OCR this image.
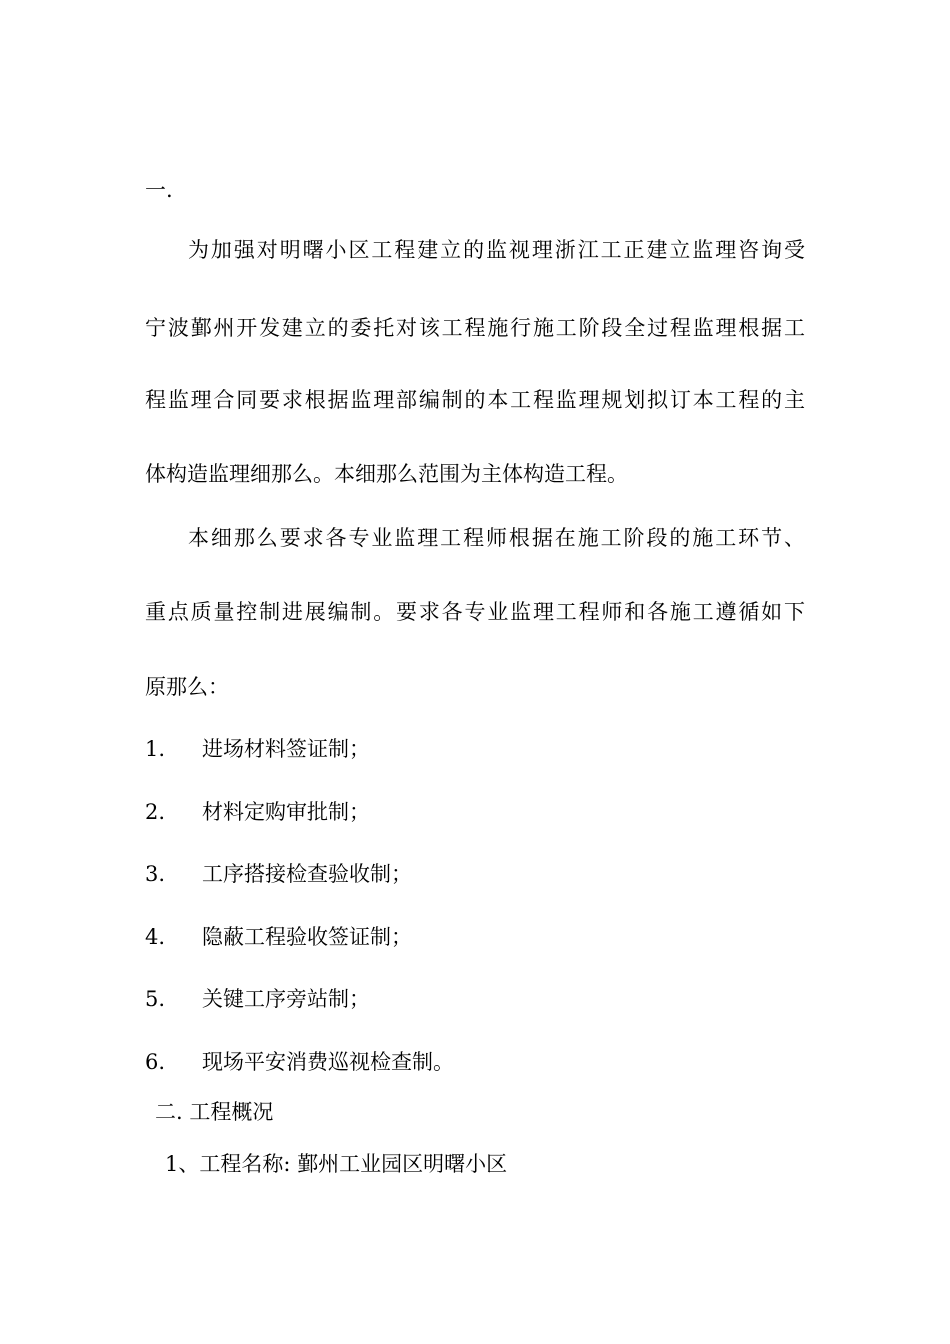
一.
为加强对明曙小区工程建立的监视理浙江工正建立监理咨询受
宁波鄞州开发建立的委托对该工程施行施工阶段全过程监理根据工
程监理合同要求根据监理部编制的本工程监理规划拟订本工程的主
体构造监理细那么。本细那么范围为主体构造工程。
本细那么要求各专业监理工程师根据在施工阶段的施工环节、
重点质量控制进展编制。要求各专业监理工程师和各施工遵循如下
原那么：
1. 进场材料签证制；
2. 材料定购审批制；
3. 工序搭接检查验收制；
4. 隐蔽工程验收签证制；
5. 关键工序旁站制；
6. 现场平安消费巡视检查制。
二. 工程概况
1、工程名称: 鄞州工业园区明曙小区
